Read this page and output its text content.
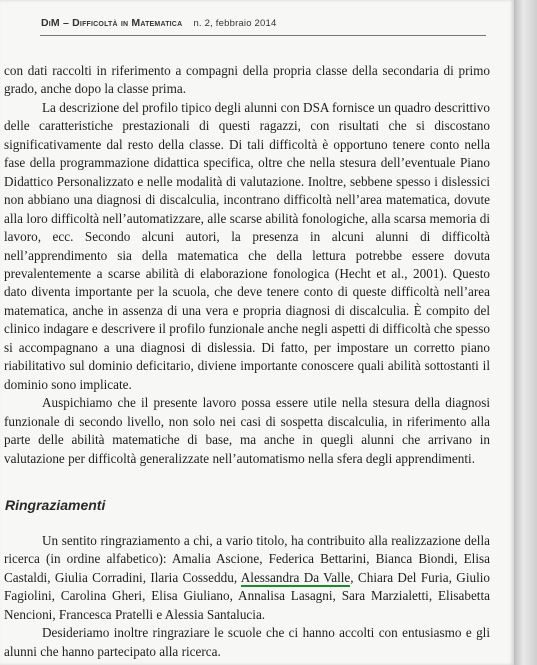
DiM – Difficoltà in Matematica n. 2, febbraio 2014

con dati raccolti in riferimento a compagni della propria classe della secondaria di primo grado, anche dopo la classe prima.

La descrizione del profilo tipico degli alunni con DSA fornisce un quadro descrittivo delle caratteristiche prestazionali di questi ragazzi, con risultati che si discostano significativamente dal resto della classe. Di tali difficoltà è opportuno tenere conto nella fase della programmazione didattica specifica, oltre che nella stesura dell’eventuale Piano Didattico Personalizzato e nelle modalità di valutazione. Inoltre, sebbene spesso i dislessici non abbiano una diagnosi di discalculia, incontrano difficoltà nell’area matematica, dovute alla loro difficoltà nell’automatizzare, alle scarse abilità fonologiche, alla scarsa memoria di lavoro, ecc. Secondo alcuni autori, la presenza in alcuni alunni di difficoltà nell’apprendimento sia della matematica che della lettura potrebbe essere dovuta prevalentemente a scarse abilità di elaborazione fonologica (Hecht et al., 2001). Questo dato diventa importante per la scuola, che deve tenere conto di queste difficoltà nell’area matematica, anche in assenza di una vera e propria diagnosi di discalculia. È compito del clinico indagare e descrivere il profilo funzionale anche negli aspetti di difficoltà che spesso si accompagnano a una diagnosi di dislessia. Di fatto, per impostare un corretto piano riabilitativo sul dominio deficitario, diviene importante conoscere quali abilità sottostanti il dominio sono implicate.

Auspichiamo che il presente lavoro possa essere utile nella stesura della diagnosi funzionale di secondo livello, non solo nei casi di sospetta discalculia, in riferimento alla parte delle abilità matematiche di base, ma anche in quegli alunni che arrivano in valutazione per difficoltà generalizzate nell’automatismo nella sfera degli apprendimenti.

Ringraziamenti

Un sentito ringraziamento a chi, a vario titolo, ha contribuito alla realizzazione della ricerca (in ordine alfabetico): Amalia Ascione, Federica Bettarini, Bianca Biondi, Elisa Castaldi, Giulia Corradini, Ilaria Cosseddu, Alessandra Da Valle, Chiara Del Furia, Giulio Fagiolini, Carolina Gheri, Elisa Giuliano, Annalisa Lasagni, Sara Marzialetti, Elisabetta Nencioni, Francesca Pratelli e Alessia Santalucia.

Desideriamo inoltre ringraziare le scuole che ci hanno accolti con entusiasmo e gli alunni che hanno partecipato alla ricerca.
